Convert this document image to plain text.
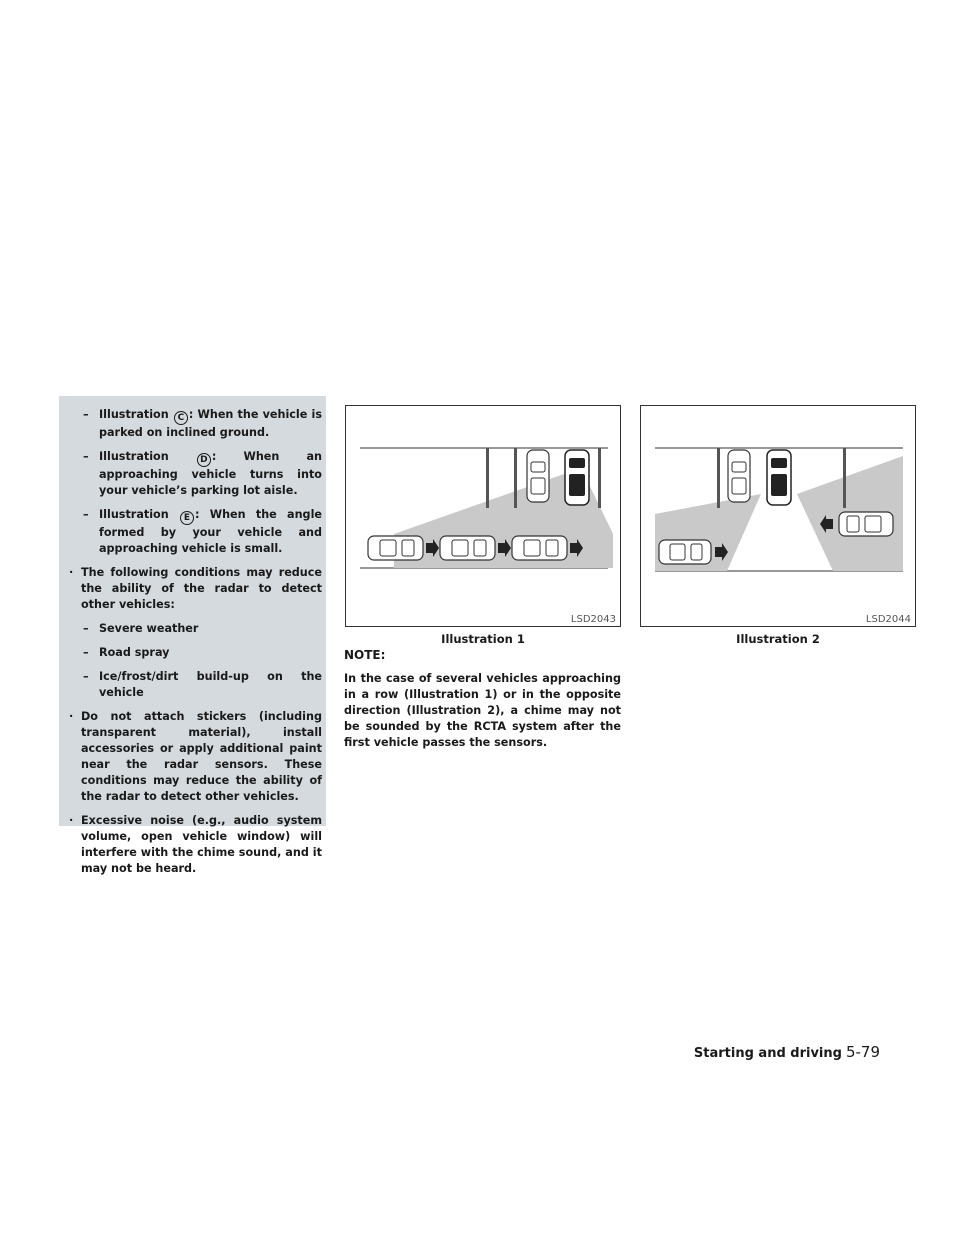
– Illustration C : When the vehicle is parked on inclined ground.
– Illustration	D : When an approaching vehicle turns into your vehicle’s parking lot aisle.
– Illustration E : When the angle formed by your vehicle and approaching vehicle is small.
· The following conditions may reduce the ability of the radar to detect other vehicles:
– Severe weather
– Road spray
– Ice/frost/dirt build-up on the vehicle
· Do not attach stickers (including transparent material), install accessories or apply additional paint near the radar sensors. These conditions may reduce the ability of the radar to detect other vehicles.
· Excessive noise (e.g., audio system volume, open vehicle window) will interfere with the chime sound, and it may not be heard.
LSD2043
Illustration 1
LSD2044
Illustration 2
NOTE:
In the case of several vehicles approaching in a row (Illustration 1) or in the opposite direction (Illustration 2), a chime may not be sounded by the RCTA system after the first vehicle passes the sensors.
Starting and driving 5-79
